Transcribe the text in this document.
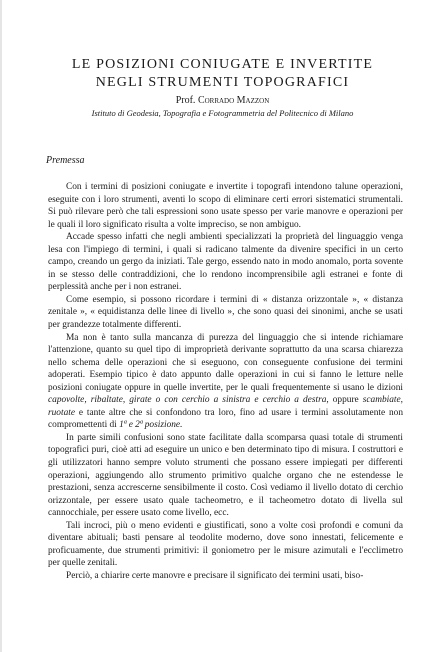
LE POSIZIONI CONIUGATE E INVERTITE
NEGLI STRUMENTI TOPOGRAFICI
Prof. Corrado Mazzon
Istituto di Geodesia, Topografia e Fotogrammetria del Politecnico di Milano
Premessa

Con i termini di posizioni coniugate e invertite i topografi intendono talune operazioni, eseguite con i loro strumenti, aventi lo scopo di eliminare certi errori sistematici strumentali. Si può rilevare però che tali espressioni sono usate spesso per varie manovre e operazioni per le quali il loro significato risulta a volte impreciso, se non ambiguo.

Accade spesso infatti che negli ambienti specializzati la proprietà del linguaggio venga lesa con l'impiego di termini, i quali si radicano talmente da divenire specifici in un certo campo, creando un gergo da iniziati. Tale gergo, essendo nato in modo anomalo, porta sovente in se stesso delle contraddizioni, che lo rendono incomprensibile agli estranei e fonte di perplessità anche per i non estranei.

Come esempio, si possono ricordare i termini di « distanza orizzontale », « distanza zenitale », « equidistanza delle linee di livello », che sono quasi dei sinonimi, anche se usati per grandezze totalmente differenti.

Ma non è tanto sulla mancanza di purezza del linguaggio che si intende richiamare l'attenzione, quanto su quel tipo di improprietà derivante soprattutto da una scarsa chiarezza nello schema delle operazioni che si eseguono, con conseguente confusione dei termini adoperati. Esempio tipico è dato appunto dalle operazioni in cui si fanno le letture nelle posizioni coniugate oppure in quelle invertite, per le quali frequentemente si usano le dizioni capovolte, ribaltate, girate o con cerchio a sinistra e cerchio a destra, oppure scambiate, ruotate e tante altre che si confondono tra loro, fino ad usare i termini assolutamente non compromettenti di 1ª e 2ª posizione.

In parte simili confusioni sono state facilitate dalla scomparsa quasi totale di strumenti topografici puri, cioè atti ad eseguire un unico e ben determinato tipo di misura. I costruttori e gli utilizzatori hanno sempre voluto strumenti che possano essere impiegati per differenti operazioni, aggiungendo allo strumento primitivo qualche organo che ne estendesse le prestazioni, senza accrescerne sensibilmente il costo. Così vediamo il livello dotato di cerchio orizzontale, per essere usato quale tacheometro, e il tacheometro dotato di livella sul cannocchiale, per essere usato come livello, ecc.

Tali incroci, più o meno evidenti e giustificati, sono a volte così profondi e comuni da diventare abituali; basti pensare al teodolite moderno, dove sono innestati, felicemente e proficuamente, due strumenti primitivi: il goniometro per le misure azimutali e l'ecclimetro per quelle zenitali.

Perciò, a chiarire certe manovre e precisare il significato dei termini usati, biso-
